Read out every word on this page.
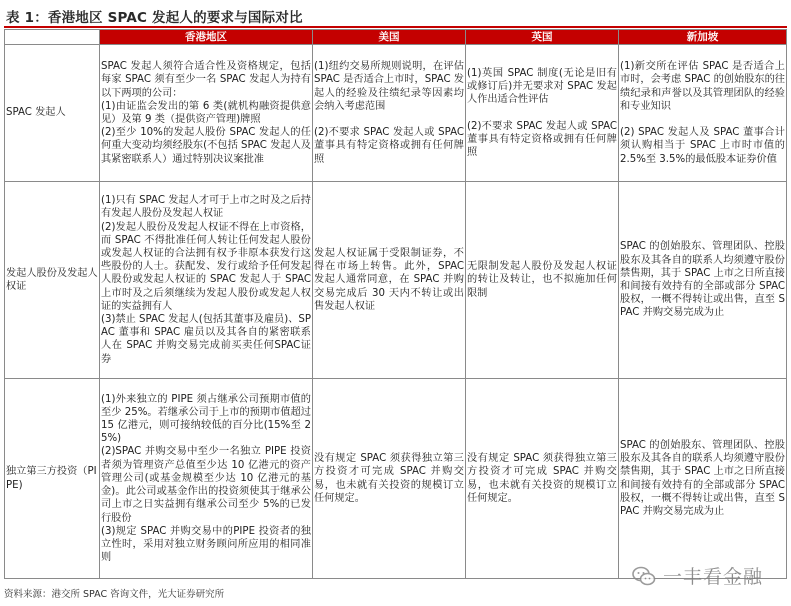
表 1：香港地区 SPAC 发起人的要求与国际对比
	香港地区	美国	英国	新加坡
SPAC 发起人	SPAC 发起人须符合适合性及资格规定，包括每家 SPAC 须有至少一名 SPAC 发起人为持有以下两项的公司：
(1)由证监会发出的第 6 类(就机构融资提供意见）及第 9 类（提供资产管理)牌照
(2)至少 10%的发起人股份 SPAC 发起人的任何重大变动均须经股东(不包括 SPAC 发起人及其紧密联系人）通过特别决议案批准	(1)纽约交易所规则说明，在评估 SPAC 是否适合上市时，SPAC 发起人的经验及往绩纪录等因素均会纳入考虑范围

(2)不要求 SPAC 发起人或 SPAC 董事具有特定资格或拥有任何牌照	(1)英国 SPAC 制度(无论是旧有或修订后)并无要求对 SPAC 发起人作出适合性评估

(2)不要求 SPAC 发起人或 SPAC 董事具有特定资格或拥有任何牌照	(1)新交所在评估 SPAC 是否适合上市时，会考虑 SPAC 的创始股东的往绩纪录和声誉以及其管理团队的经验和专业知识

(2) SPAC 发起人及 SPAC 董事合计须认购相当于 SPAC 上市时市值的 2.5%至 3.5%的最低股本证券价值

发起人股份及发起人权证	(1)只有 SPAC 发起人才可于上市之时及之后持有发起人股份及发起人权证
(2)发起人股份及发起人权证不得在上市资格，而 SPAC 不得批准任何人转让任何发起人股份或发起人权证的合法拥有权予非原本获发行这些股份的人士。获配发、发行或给予任何发起人股份或发起人权证的 SPAC 发起人于 SPAC 上市时及之后须继续为发起人股份或发起人权证的实益拥有人
(3)禁止 SPAC 发起人(包括其董事及雇员)、SPAC 董事和 SPAC 雇员以及其各自的紧密联系人在 SPAC 并购交易完成前买卖任何SPAC证券	发起人权证属于受限制证券，不得在市场上转售。此外，SPAC 发起人通常同意，在 SPAC 并购交易完成后 30 天内不转让或出售发起人权证	无限制发起人股份及发起人权证的转让及转让，也不拟施加任何限制	SPAC 的创始股东、管理团队、控股股东及其各自的联系人均须遵守股份禁售期，其于 SPAC 上市之日所直接和间接有效持有的全部或部分 SPAC 股权，一概不得转让或出售，直至 SPAC 并购交易完成为止

独立第三方投资（PIPE)	(1)外来独立的 PIPE 须占继承公司预期市值的至少 25%。若继承公司于上市的预期市值超过 15 亿港元，则可接纳较低的百分比(15%至 25%)
(2)SPAC 并购交易中至少一名独立 PIPE 投资者须为管理资产总值至少达 10 亿港元的资产管理公司(或基金规模至少达 10 亿港元的基金)。此公司或基金作出的投资须使其于继承公司上市之日实益拥有继承公司至少 5%的已发行股份
(3)规定 SPAC 并购交易中的PIPE 投资者的独立性时，采用对独立财务顾问所应用的相同准则	没有规定 SPAC 须获得独立第三方投资才可完成 SPAC 并购交易，也未就有关投资的规模订立任何规定。	没有规定 SPAC 须获得独立第三方投资才可完成 SPAC 并购交易，也未就有关投资的规模订立任何规定。	SPAC 的创始股东、管理团队、控股股东及其各自的联系人均须遵守股份禁售期，其于 SPAC 上市之日所直接和间接有效持有的全部或部分 SPAC 股权，一概不得转让或出售，直至 SPAC 并购交易完成为止
资料来源：港交所 SPAC 咨询文件，光大证券研究所
一丰看金融
